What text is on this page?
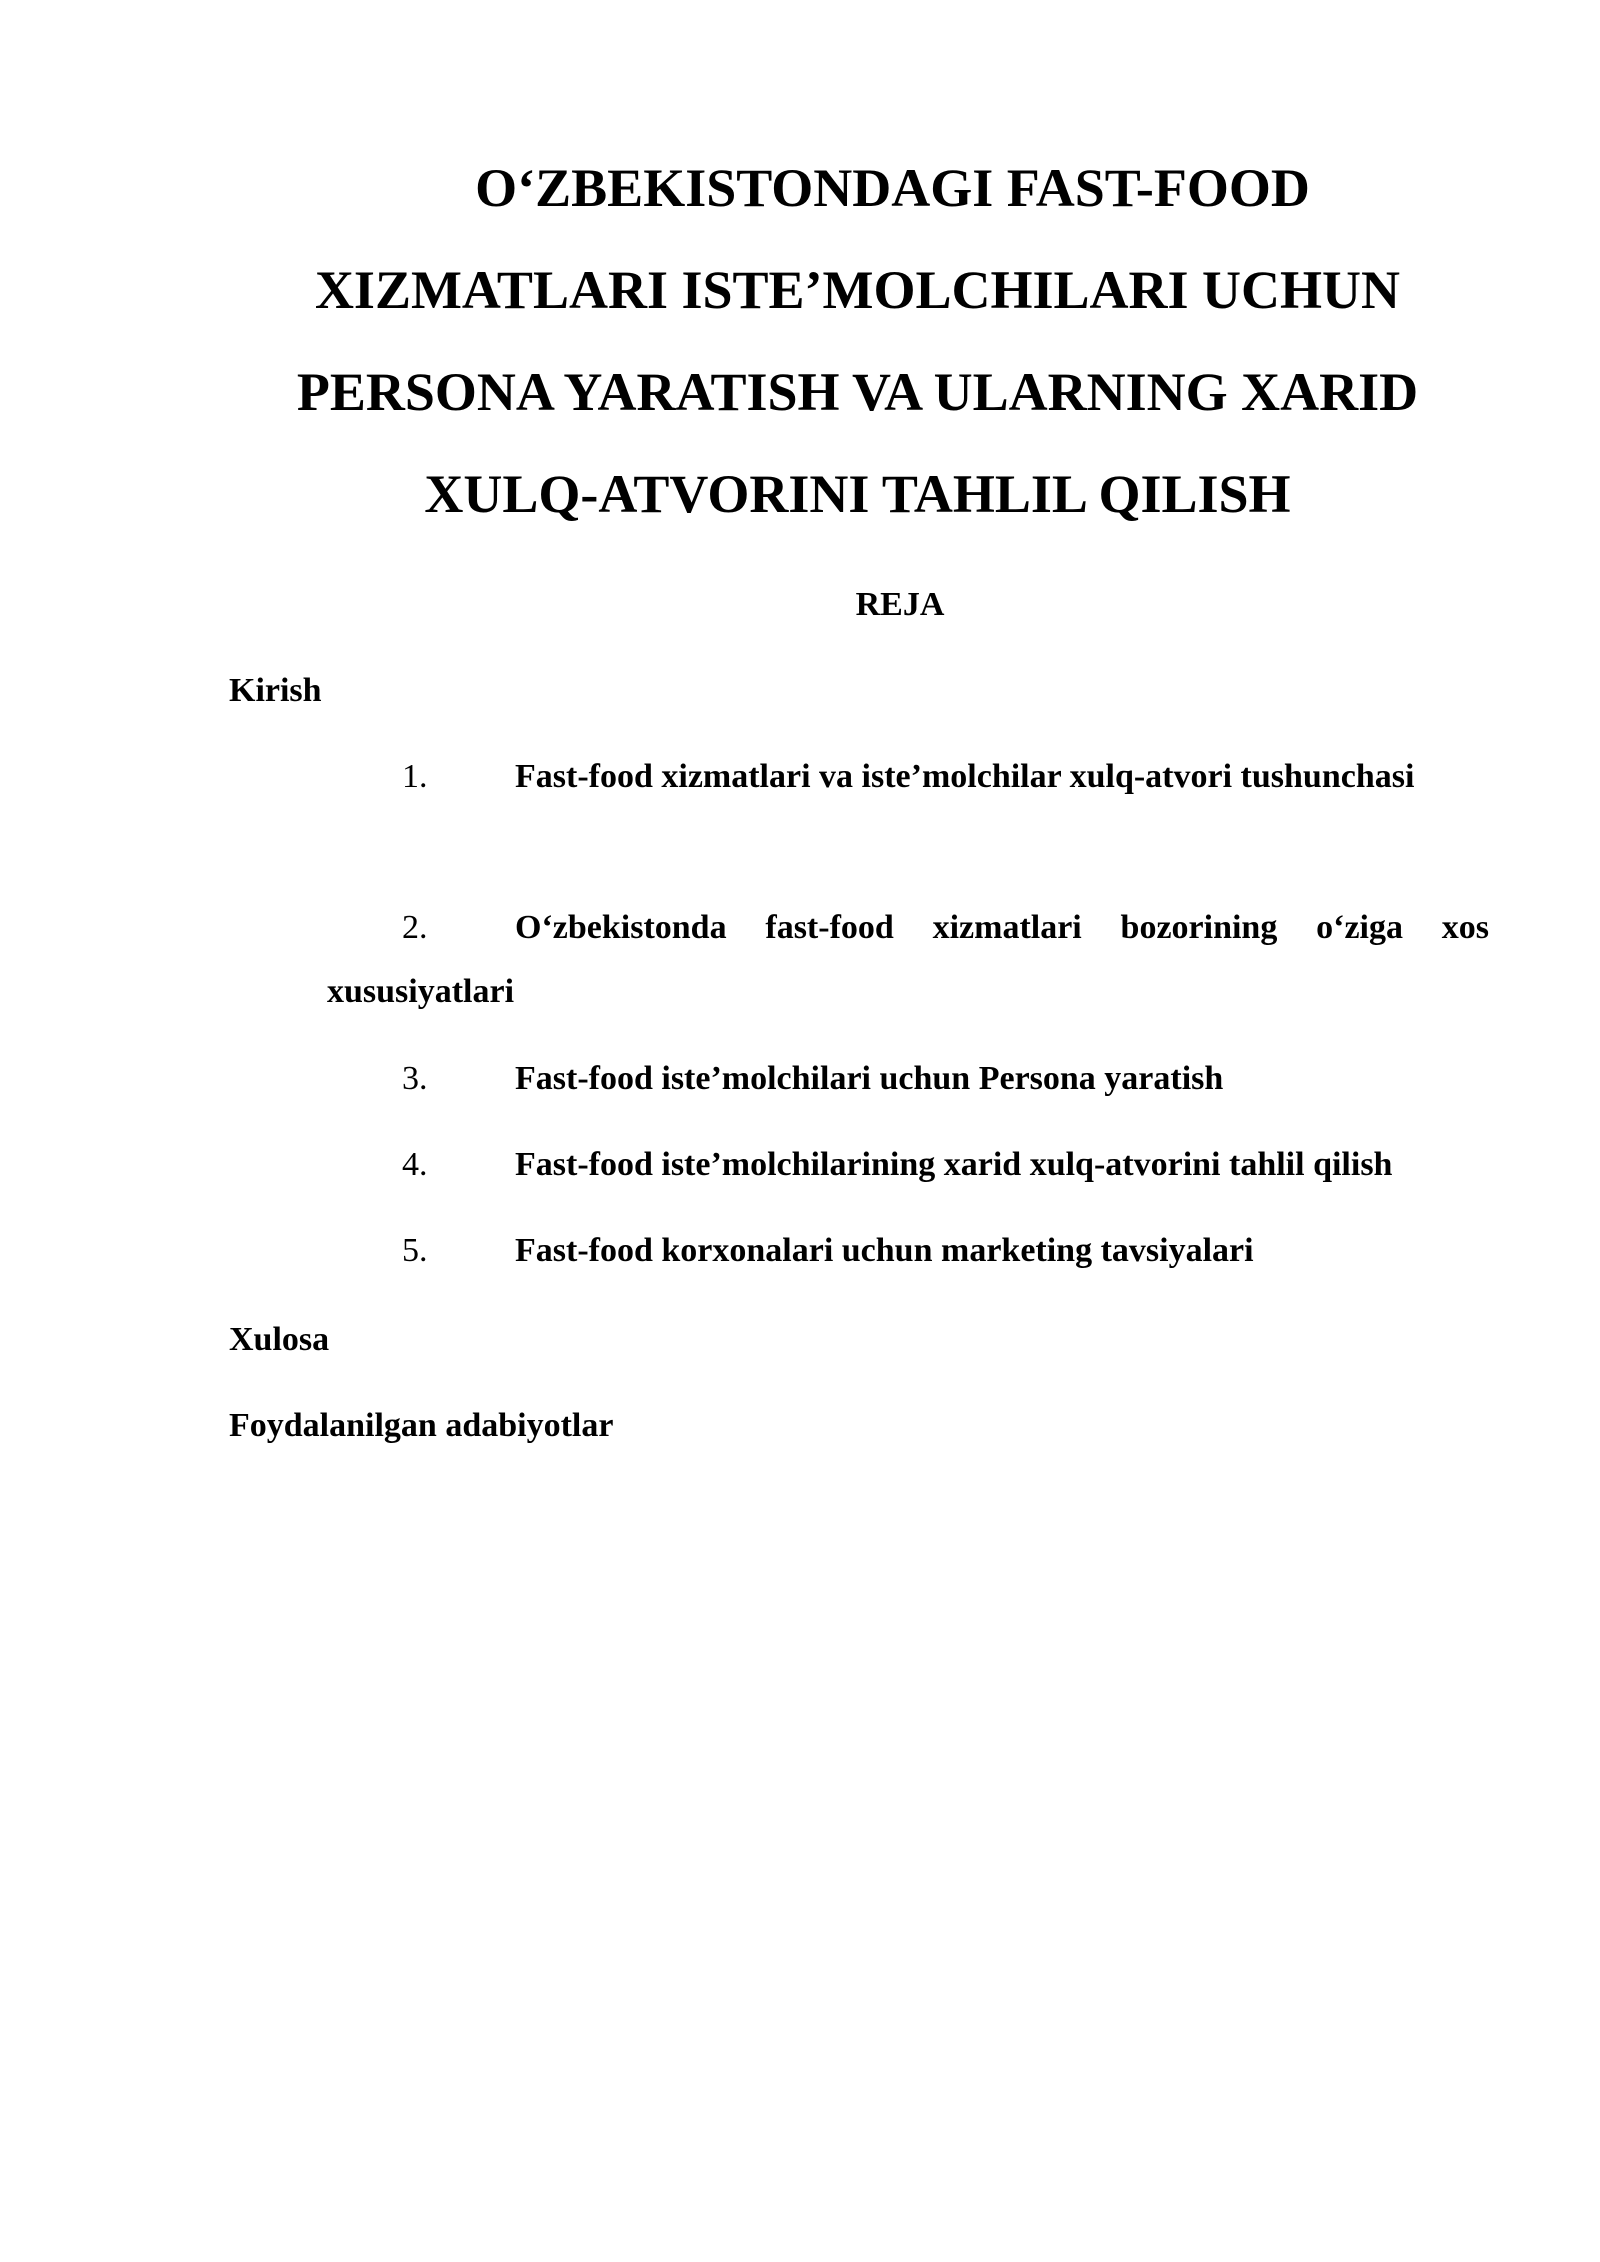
O‘ZBEKISTONDAGI FAST-FOOD
XIZMATLARI ISTE’MOLCHILARI UCHUN
PERSONA YARATISH VA ULARNING XARID
XULQ-ATVORINI TAHLIL QILISH

REJA

Kirish

1.	Fast-food xizmatlari va iste’molchilar xulq-atvori tushunchasi
2.	O‘zbekistonda fast-food xizmatlari bozorining o‘ziga xos xususiyatlari
3.	Fast-food iste’molchilari uchun Persona yaratish
4.	Fast-food iste’molchilarining xarid xulq-atvorini tahlil qilish
5.	Fast-food korxonalari uchun marketing tavsiyalari

Xulosa

Foydalanilgan adabiyotlar
